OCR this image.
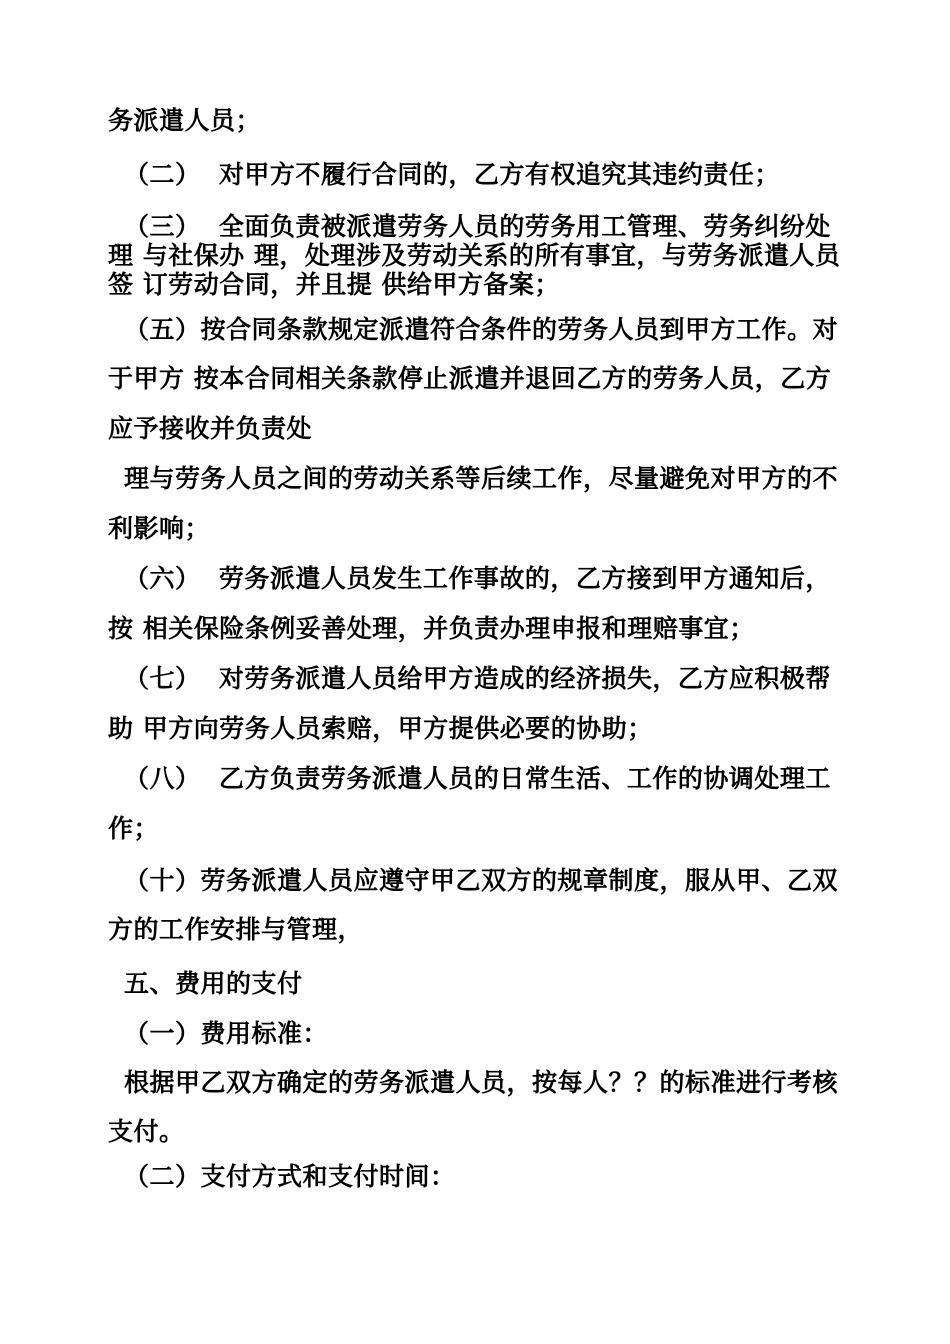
务派遣人员；
（二）  对甲方不履行合同的，乙方有权追究其违约责任；
（三）  全面负责被派遣劳务人员的劳务用工管理、劳务纠纷处
理 与社保办 理，处理涉及劳动关系的所有事宜，与劳务派遣人员
签 订劳动合同，并且提 供给甲方备案；
（五）按合同条款规定派遣符合条件的劳务人员到甲方工作。对
于甲方 按本合同相关条款停止派遣并退回乙方的劳务人员，乙方
应予接收并负责处
理与劳务人员之间的劳动关系等后续工作，尽量避免对甲方的不
利影响；
（六）  劳务派遣人员发生工作事故的，乙方接到甲方通知后，
按 相关保险条例妥善处理，并负责办理申报和理赔事宜；
（七）  对劳务派遣人员给甲方造成的经济损失，乙方应积极帮
助 甲方向劳务人员索赔，甲方提供必要的协助；
（八）  乙方负责劳务派遣人员的日常生活、工作的协调处理工
作；
（十）劳务派遣人员应遵守甲乙双方的规章制度，服从甲、乙双
方的工作安排与管理，
五、费用的支付
（一）费用标准：
根据甲乙双方确定的劳务派遣人员，按每人？？的标准进行考核
支付。
（二）支付方式和支付时间：
